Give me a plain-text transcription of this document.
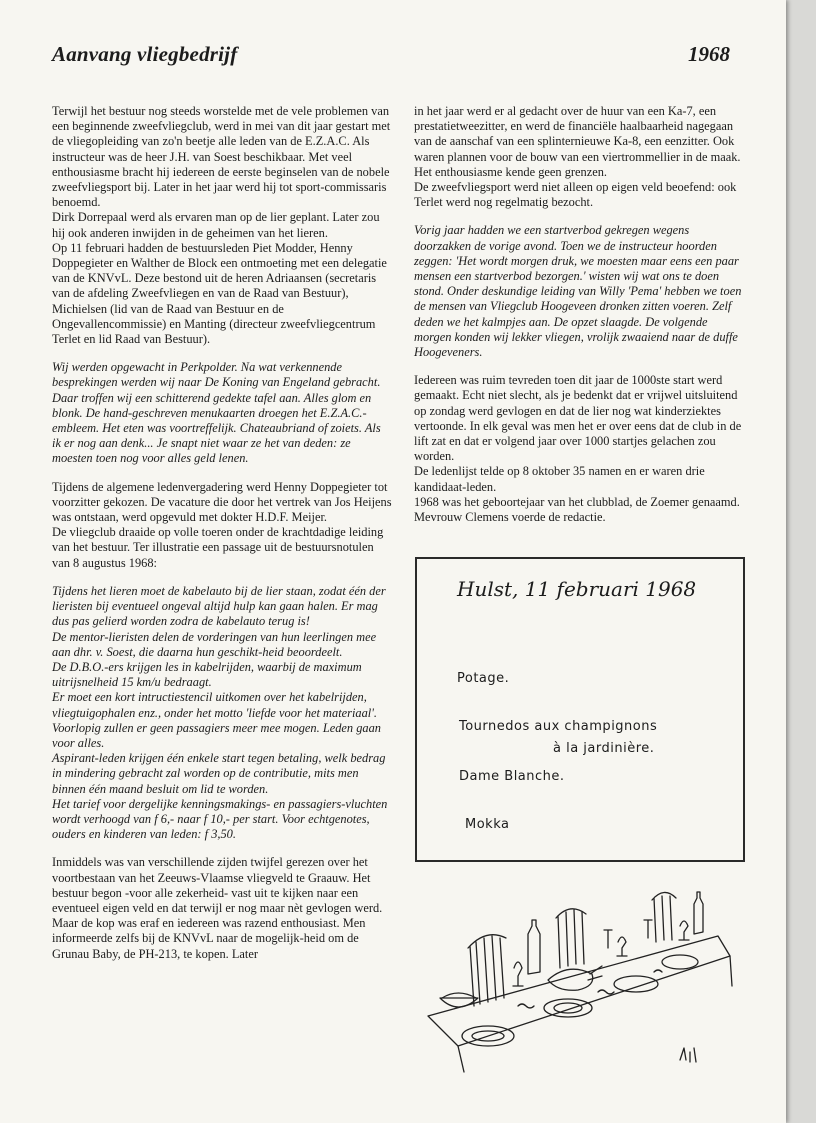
Aanvang vliegbedrijf	1968

Terwijl het bestuur nog steeds worstelde met de vele problemen van een beginnende zweefvliegclub, werd in mei van dit jaar gestart met de vliegopleiding van zo'n beetje alle leden van de E.Z.A.C. Als instructeur was de heer J.H. van Soest beschikbaar. Met veel enthousiasme bracht hij iedereen de eerste beginselen van de nobele zweefvliegsport bij. Later in het jaar werd hij tot sport-commissaris benoemd.

Dirk Dorrepaal werd als ervaren man op de lier geplant. Later zou hij ook anderen inwijden in de geheimen van het lieren.

Op 11 februari hadden de bestuursleden Piet Modder, Henny Doppegieter en Walther de Block een ontmoeting met een delegatie van de KNVvL. Deze bestond uit de heren Adriaansen (secretaris van de afdeling Zweefvliegen en van de Raad van Bestuur), Michielsen (lid van de Raad van Bestuur en de Ongevallencommissie) en Manting (directeur zweefvliegcentrum Terlet en lid Raad van Bestuur).

Wij werden opgewacht in Perkpolder. Na wat verkennende besprekingen werden wij naar De Koning van Engeland gebracht. Daar troffen wij een schitterend gedekte tafel aan. Alles glom en blonk. De hand-geschreven menukaarten droegen het E.Z.A.C.-embleem. Het eten was voortreffelijk. Chateaubriand of zoiets. Als ik er nog aan denk... Je snapt niet waar ze het van deden: ze moesten toen nog voor alles geld lenen.

Tijdens de algemene ledenvergadering werd Henny Doppegieter tot voorzitter gekozen. De vacature die door het vertrek van Jos Heijens was ontstaan, werd opgevuld met dokter H.D.F. Meijer.

De vliegclub draaide op volle toeren onder de krachtdadige leiding van het bestuur. Ter illustratie een passage uit de bestuursnotulen van 8 augustus 1968:

Tijdens het lieren moet de kabelauto bij de lier staan, zodat één der lieristen bij eventueel ongeval altijd hulp kan gaan halen. Er mag dus pas gelierd worden zodra de kabelauto terug is!

De mentor-lieristen delen de vorderingen van hun leerlingen mee aan dhr. v. Soest, die daarna hun geschikt-heid beoordeelt.

De D.B.O.-ers krijgen les in kabelrijden, waarbij de maximum uitrijsnelheid 15 km/u bedraagt.

Er moet een kort intructiestencil uitkomen over het kabelrijden, vliegtuigophalen enz., onder het motto 'liefde voor het materiaal'.

Voorlopig zullen er geen passagiers meer mee mogen. Leden gaan voor alles.

Aspirant-leden krijgen één enkele start tegen betaling, welk bedrag in mindering gebracht zal worden op de contributie, mits men binnen één maand besluit om lid te worden.

Het tarief voor dergelijke kenningsmakings- en passagiers-vluchten wordt verhoogd van f 6,- naar f 10,- per start. Voor echtgenotes, ouders en kinderen van leden: f 3,50.

Inmiddels was van verschillende zijden twijfel gerezen over het voortbestaan van het Zeeuws-Vlaamse vliegveld te Graauw. Het bestuur begon -voor alle zekerheid- vast uit te kijken naar een eventueel eigen veld en dat terwijl er nog maar nèt gevlogen werd.

Maar de kop was eraf en iedereen was razend enthousiast. Men informeerde zelfs bij de KNVvL naar de mogelijk-heid om de Grunau Baby, de PH-213, te kopen. Later

in het jaar werd er al gedacht over de huur van een Ka-7, een prestatietweezitter, en werd de financiële haalbaarheid nagegaan van de aanschaf van een splinternieuwe Ka-8, een eenzitter. Ook waren plannen voor de bouw van een viertrommellier in de maak. Het enthousiasme kende geen grenzen.

De zweefvliegsport werd niet alleen op eigen veld beoefend: ook Terlet werd nog regelmatig bezocht.

Vorig jaar hadden we een startverbod gekregen wegens doorzakken de vorige avond. Toen we de instructeur hoorden zeggen: 'Het wordt morgen druk, we moesten maar eens een paar mensen een startverbod bezorgen.' wisten wij wat ons te doen stond. Onder deskundige leiding van Willy 'Pema' hebben we toen de mensen van Vliegclub Hoogeveen dronken zitten voeren. Zelf deden we het kalmpjes aan. De opzet slaagde. De volgende morgen konden wij lekker vliegen, vrolijk zwaaiend naar de duffe Hoogeveners.

Iedereen was ruim tevreden toen dit jaar de 1000ste start werd gemaakt. Echt niet slecht, als je bedenkt dat er vrijwel uitsluitend op zondag werd gevlogen en dat de lier nog wat kinderziektes vertoonde. In elk geval was men het er over eens dat de club in de lift zat en dat er volgend jaar over 1000 startjes gelachen zou worden.

De ledenlijst telde op 8 oktober 35 namen en er waren drie kandidaat-leden.

1968 was het geboortejaar van het clubblad, de Zoemer genaamd. Mevrouw Clemens voerde de redactie.

Hulst, 11 februari 1968
Potage.
Tournedos aux champignons
à la jardinière.
Dame Blanche.
Mokka
